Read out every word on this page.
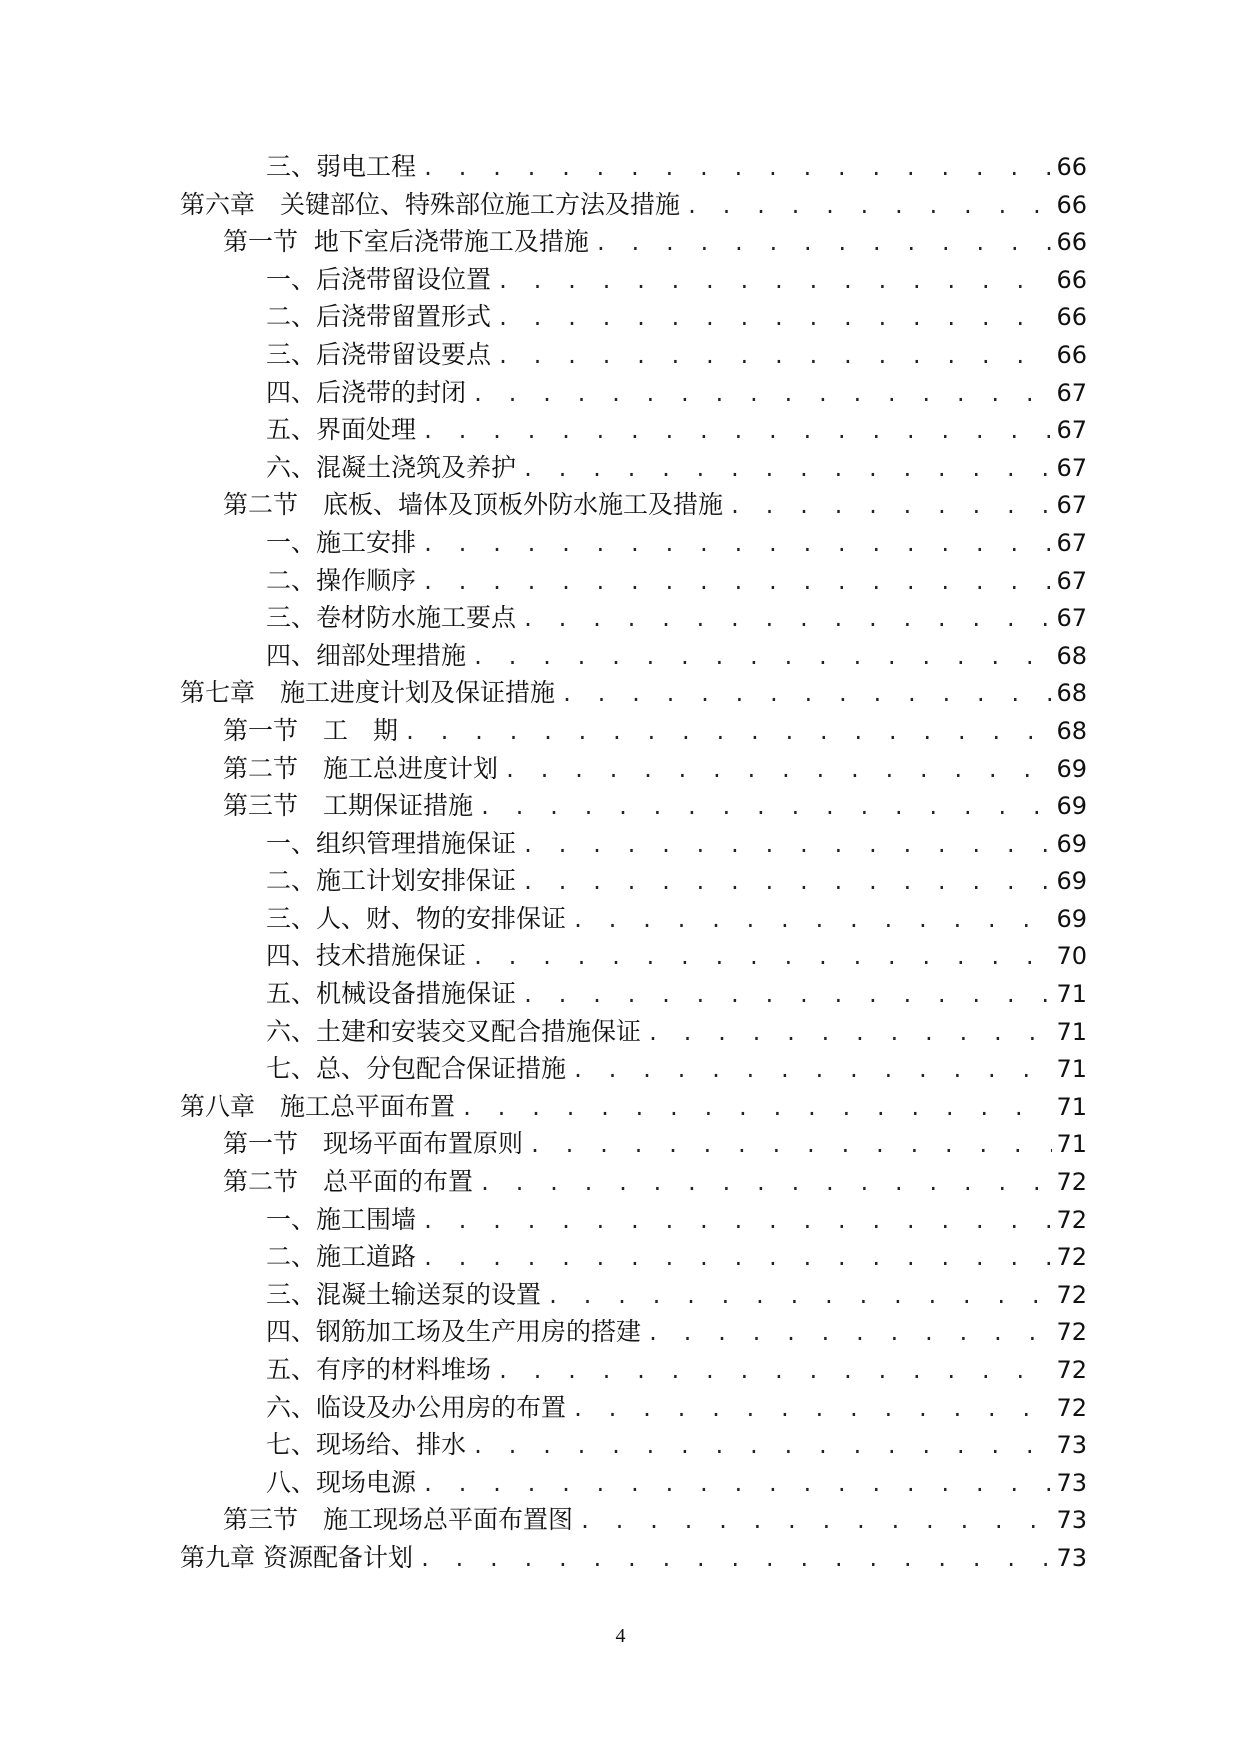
三、弱电工程 . . .	66
第六章　关键部位、特殊部位施工方法及措施 . . .	66
第一节  地下室后浇带施工及措施 . . .	66
一、后浇带留设位置 . . .	66
二、后浇带留置形式 . . .	66
三、后浇带留设要点 . . .	66
四、后浇带的封闭 . . .	67
五、界面处理 . . .	67
六、混凝土浇筑及养护 . . .	67
第二节　底板、墙体及顶板外防水施工及措施 . . .	67
一、施工安排 . . .	67
二、操作顺序 . . .	67
三、卷材防水施工要点 . . .	67
四、细部处理措施 . . .	68
第七章　施工进度计划及保证措施 . . .	68
第一节　工　期 . . .	68
第二节　施工总进度计划 . . .	69
第三节　工期保证措施 . . .	69
一、组织管理措施保证 . . .	69
二、施工计划安排保证 . . .	69
三、人、财、物的安排保证 . . .	69
四、技术措施保证 . . .	70
五、机械设备措施保证 . . .	71
六、土建和安装交叉配合措施保证 . . .	71
七、总、分包配合保证措施 . . .	71
第八章　施工总平面布置 . . .	71
第一节　现场平面布置原则 . . .	71
第二节　总平面的布置 . . .	72
一、施工围墙 . . .	72
二、施工道路 . . .	72
三、混凝土输送泵的设置 . . .	72
四、钢筋加工场及生产用房的搭建 . . .	72
五、有序的材料堆场 . . .	72
六、临设及办公用房的布置 . . .	72
七、现场给、排水 . . .	73
八、现场电源 . . .	73
第三节　施工现场总平面布置图 . . .	73
第九章 资源配备计划 . . .	73
4
